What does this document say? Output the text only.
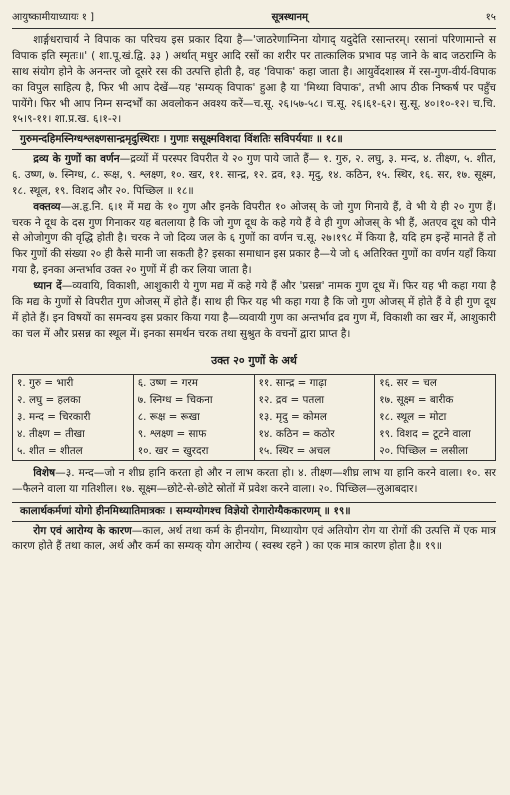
आयुष्कामीयाध्यायः १ ]	सूत्रस्थानम्	१५

शार्ङ्गधराचार्य ने विपाक का परिचय इस प्रकार दिया है—'जाठरेणाग्निना योगाद् यदुदेति रसान्तरम्। रसानां परिणामान्ते स विपाक इति स्मृतः॥' ( शा.पू.खं.द्वि. ३३ ) अर्थात् मधुर आदि रसों का शरीर पर तात्कालिक प्रभाव पड़ जाने के बाद जठराग्नि के साथ संयोग होने के अनन्तर जो दूसरे रस की उत्पत्ति होती है, वह 'विपाक' कहा जाता है। आयुर्वेदशास्त्र में रस-गुण-वीर्य-विपाक का विपुल साहित्य है, फिर भी आप देखें—यह 'सम्यक् विपाक' हुआ है या 'मिथ्या विपाक', तभी आप ठीक निष्कर्ष पर पहुँच पायेंगे। फिर भी आप निम्न सन्दर्भों का अवलोकन अवश्य करें—च.सू. २६।५७-५८। च.सू. २६।६१-६२। सु.सू. ४०।१०-१२। च.चि. १५।९-११। शा.प्र.ख. ६।१-२।

गुरुमन्दहिमस्निग्धश्लक्ष्णसान्द्रमृदुस्थिराः । गुणाः ससूक्ष्मविशदा विंशतिः सविपर्ययाः ॥ १८॥

द्रव्य के गुणों का वर्णन—द्रव्यों में परस्पर विपरीत ये २० गुण पाये जाते हैं— १. गुरु, २. लघु, ३. मन्द, ४. तीक्ष्ण, ५. शीत, ६. उष्ण, ७. स्निग्ध, ८. रूक्ष, ९. श्लक्ष्ण, १०. खर, ११. सान्द्र, १२. द्रव, १३. मृदु, १४. कठिन, १५. स्थिर, १६. सर, १७. सूक्ष्म, १८. स्थूल, १९. विशद और २०. पिच्छिल ॥ १८॥

वक्तव्य—अ.हृ.नि. ६।१ में मद्य के १० गुण और इनके विपरीत १० ओजस् के जो गुण गिनाये हैं, वे भी ये ही २० गुण हैं। चरक ने दूध के दस गुण गिनाकर यह बतलाया है कि जो गुण दूध के कहे गये हैं वे ही गुण ओजस् के भी हैं, अतएव दूध को पीने से ओजोगुण की वृद्धि होती है। चरक ने जो दिव्य जल के ६ गुणों का वर्णन च.सू. २७।१९८ में किया है, यदि हम इन्हें मानते हैं तो फिर गुणों की संख्या २० ही कैसे मानी जा सकती है? इसका समाधान इस प्रकार है—ये जो ६ अतिरिक्त गुणों का वर्णन यहाँ किया गया है, इनका अन्तर्भाव उक्त २० गुणों में ही कर लिया जाता है।

ध्यान दें—व्यवायि, विकाशी, आशुकारी ये गुण मद्य में कहे गये हैं और 'प्रसन्न' नामक गुण दूध में। फिर यह भी कहा गया है कि मद्य के गुणों से विपरीत गुण ओजस् में होते हैं। साथ ही फिर यह भी कहा गया है कि जो गुण ओजस् में होते हैं वे ही गुण दूध में होते हैं। इन विषयों का समन्वय इस प्रकार किया गया है—व्यवायी गुण का अन्तर्भाव द्रव गुण में, विकाशी का खर में, आशुकारी का चल में और प्रसन्न का स्थूल में। इनका समर्थन चरक तथा सुश्रुत के वचनों द्वारा प्राप्त है।

उक्त २० गुणों के अर्थ
१. गुरु = भारी	६. उष्ण = गरम	११. सान्द्र = गाढ़ा	१६. सर = चल
२. लघु = हलका	७. स्निग्ध = चिकना	१२. द्रव = पतला	१७. सूक्ष्म = बारीक
३. मन्द = चिरकारी	८. रूक्ष = रूखा	१३. मृदु = कोमल	१८. स्थूल = मोटा
४. तीक्ष्ण = तीखा	९. श्लक्ष्ण = साफ	१४. कठिन = कठोर	१९. विशद = टूटने वाला
५. शीत = शीतल	१०. खर = खुरदरा	१५. स्थिर = अचल	२०. पिच्छिल = लसीला

विशेष—३. मन्द—जो न शीघ्र हानि करता हो और न लाभ करता हो। ४. तीक्ष्ण—शीघ्र लाभ या हानि करने वाला। १०. सर—फैलने वाला या गतिशील। १७. सूक्ष्म—छोटे-से-छोटे स्रोतों में प्रवेश करने वाला। २०. पिच्छिल—लुआबदार।

कालार्थकर्मणां योगो हीनमिथ्यातिमात्रकः । सम्यग्योगश्च विज्ञेयो रोगारोग्यैककारणम् ॥ १९॥

रोग एवं आरोग्य के कारण—काल, अर्थ तथा कर्म के हीनयोग, मिथ्यायोग एवं अतियोग रोग या रोगों की उत्पत्ति में एक मात्र कारण होते हैं तथा काल, अर्थ और कर्म का सम्यक् योग आरोग्य ( स्वस्थ रहने ) का एक मात्र कारण होता है॥ १९॥
